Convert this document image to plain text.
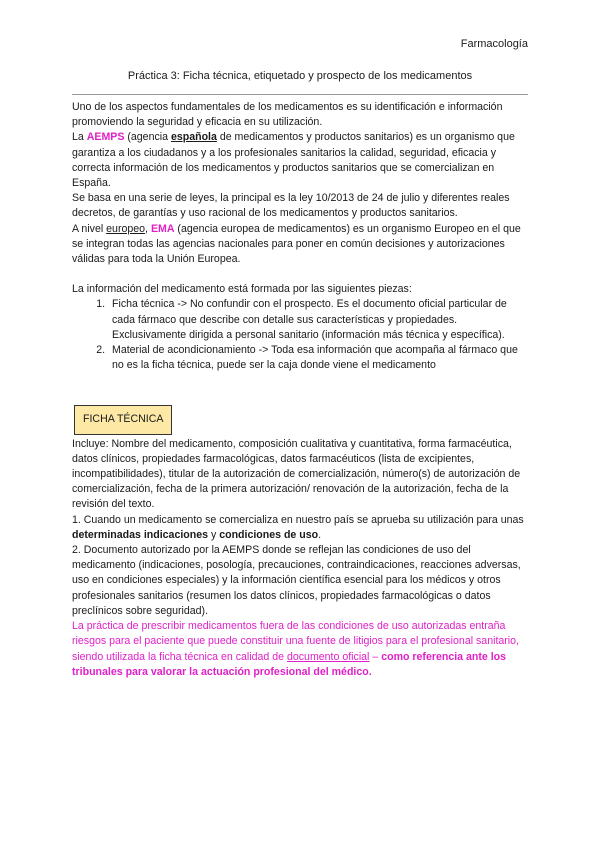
Farmacología
Práctica 3: Ficha técnica, etiquetado y prospecto de los medicamentos

Uno de los aspectos fundamentales de los medicamentos es su identificación e información promoviendo la seguridad y eficacia en su utilización.

La AEMPS (agencia española de medicamentos y productos sanitarios) es un organismo que garantiza a los ciudadanos y a los profesionales sanitarios la calidad, seguridad, eficacia y correcta información de los medicamentos y productos sanitarios que se comercializan en España.

Se basa en una serie de leyes, la principal es la ley 10/2013 de 24 de julio y diferentes reales decretos, de garantías y uso racional de los medicamentos y productos sanitarios.

A nivel europeo, EMA (agencia europea de medicamentos) es un organismo Europeo en el que se integran todas las agencias nacionales para poner en común decisiones y autorizaciones válidas para toda la Unión Europea.

La información del medicamento está formada por las siguientes piezas:

1. Ficha técnica -> No confundir con el prospecto. Es el documento oficial particular de cada fármaco que describe con detalle sus características y propiedades. Exclusivamente dirigida a personal sanitario (información más técnica y específica).
2. Material de acondicionamiento -> Toda esa información que acompaña al fármaco que no es la ficha técnica, puede ser la caja donde viene el medicamento
FICHA TÉCNICA

Incluye: Nombre del medicamento, composición cualitativa y cuantitativa, forma farmacéutica, datos clínicos, propiedades farmacológicas, datos farmacéuticos (lista de excipientes, incompatibilidades), titular de la autorización de comercialización, número(s) de autorización de comercialización, fecha de la primera autorización/ renovación de la autorización, fecha de la revisión del texto.

1. Cuando un medicamento se comercializa en nuestro país se aprueba su utilización para unas determinadas indicaciones y condiciones de uso.

2. Documento autorizado por la AEMPS donde se reflejan las condiciones de uso del medicamento (indicaciones, posología, precauciones, contraindicaciones, reacciones adversas, uso en condiciones especiales) y la información científica esencial para los médicos y otros profesionales sanitarios (resumen los datos clínicos, propiedades farmacológicas o datos preclínicos sobre seguridad).

La práctica de prescribir medicamentos fuera de las condiciones de uso autorizadas entraña riesgos para el paciente que puede constituir una fuente de litigios para el profesional sanitario, siendo utilizada la ficha técnica en calidad de documento oficial – como referencia ante los tribunales para valorar la actuación profesional del médico.
